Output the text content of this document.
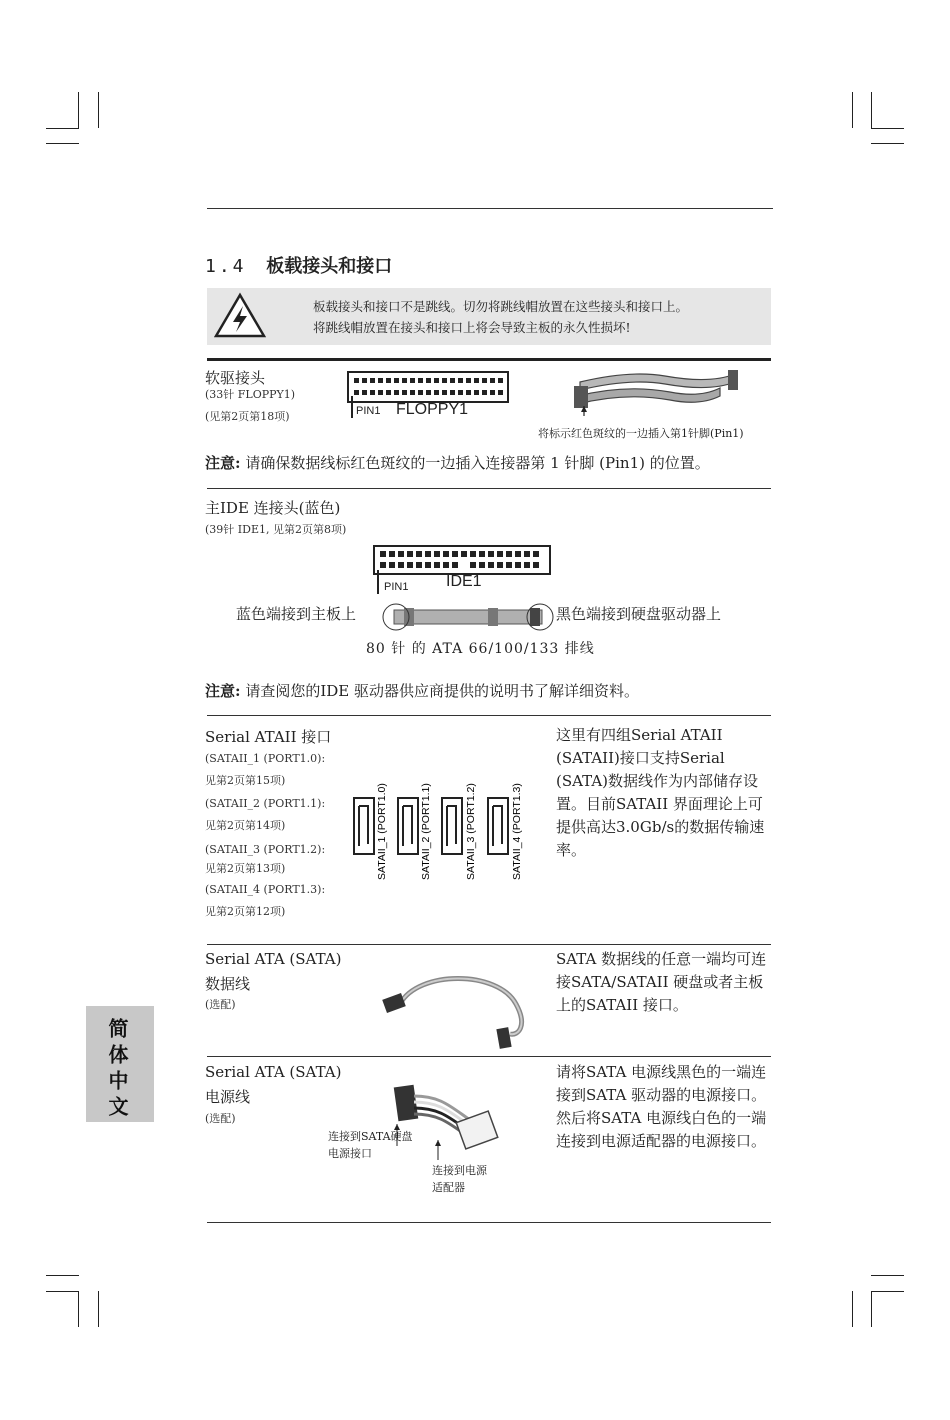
1.4 板载接头和接口
板载接头和接口不是跳线。切勿将跳线帽放置在这些接头和接口上。
将跳线帽放置在接头和接口上将会导致主板的永久性损坏!
软驱接头
(33针 FLOPPY1)
(见第2页第18项)	PIN1 FLOPPY1
将标示红色斑纹的一边插入第1针脚(Pin1)
注意: 请确保数据线标红色斑纹的一边插入连接器第 1 针脚 (Pin1) 的位置。
主IDE 连接头(蓝色)
(39针 IDE1, 见第2页第8项)
PIN1 IDE1
蓝色端接到主板上	黑色端接到硬盘驱动器上
80 针 的 ATA 66/100/133 排线
注意: 请查阅您的IDE 驱动器供应商提供的说明书了解详细资料。
Serial ATAII 接口
(SATAII_1 (PORT1.0):
见第2页第15项)
(SATAII_2 (PORT1.1):
见第2页第14项)
(SATAII_3 (PORT1.2):
见第2页第13项)
(SATAII_4 (PORT1.3):
见第2页第12项)
SATAII_1 (PORT1.0)	SATAII_2 (PORT1.1)	SATAII_3 (PORT1.2)	SATAII_4 (PORT1.3)
这里有四组Serial ATAII (SATAII)接口支持Serial (SATA)数据线作为内部储存设置。目前SATAII 界面理论上可提供高达3.0Gb/s的数据传输速率。
Serial ATA (SATA)
数据线
(选配)
SATA 数据线的任意一端均可连接SATA/SATAII 硬盘或者主板上的SATAII 接口。
Serial ATA (SATA)
电源线
(选配)
连接到SATA硬盘
电源接口
连接到电源
适配器
请将SATA 电源线黑色的一端连接到SATA 驱动器的电源接口。然后将SATA 电源线白色的一端连接到电源适配器的电源接口。
简体中文
